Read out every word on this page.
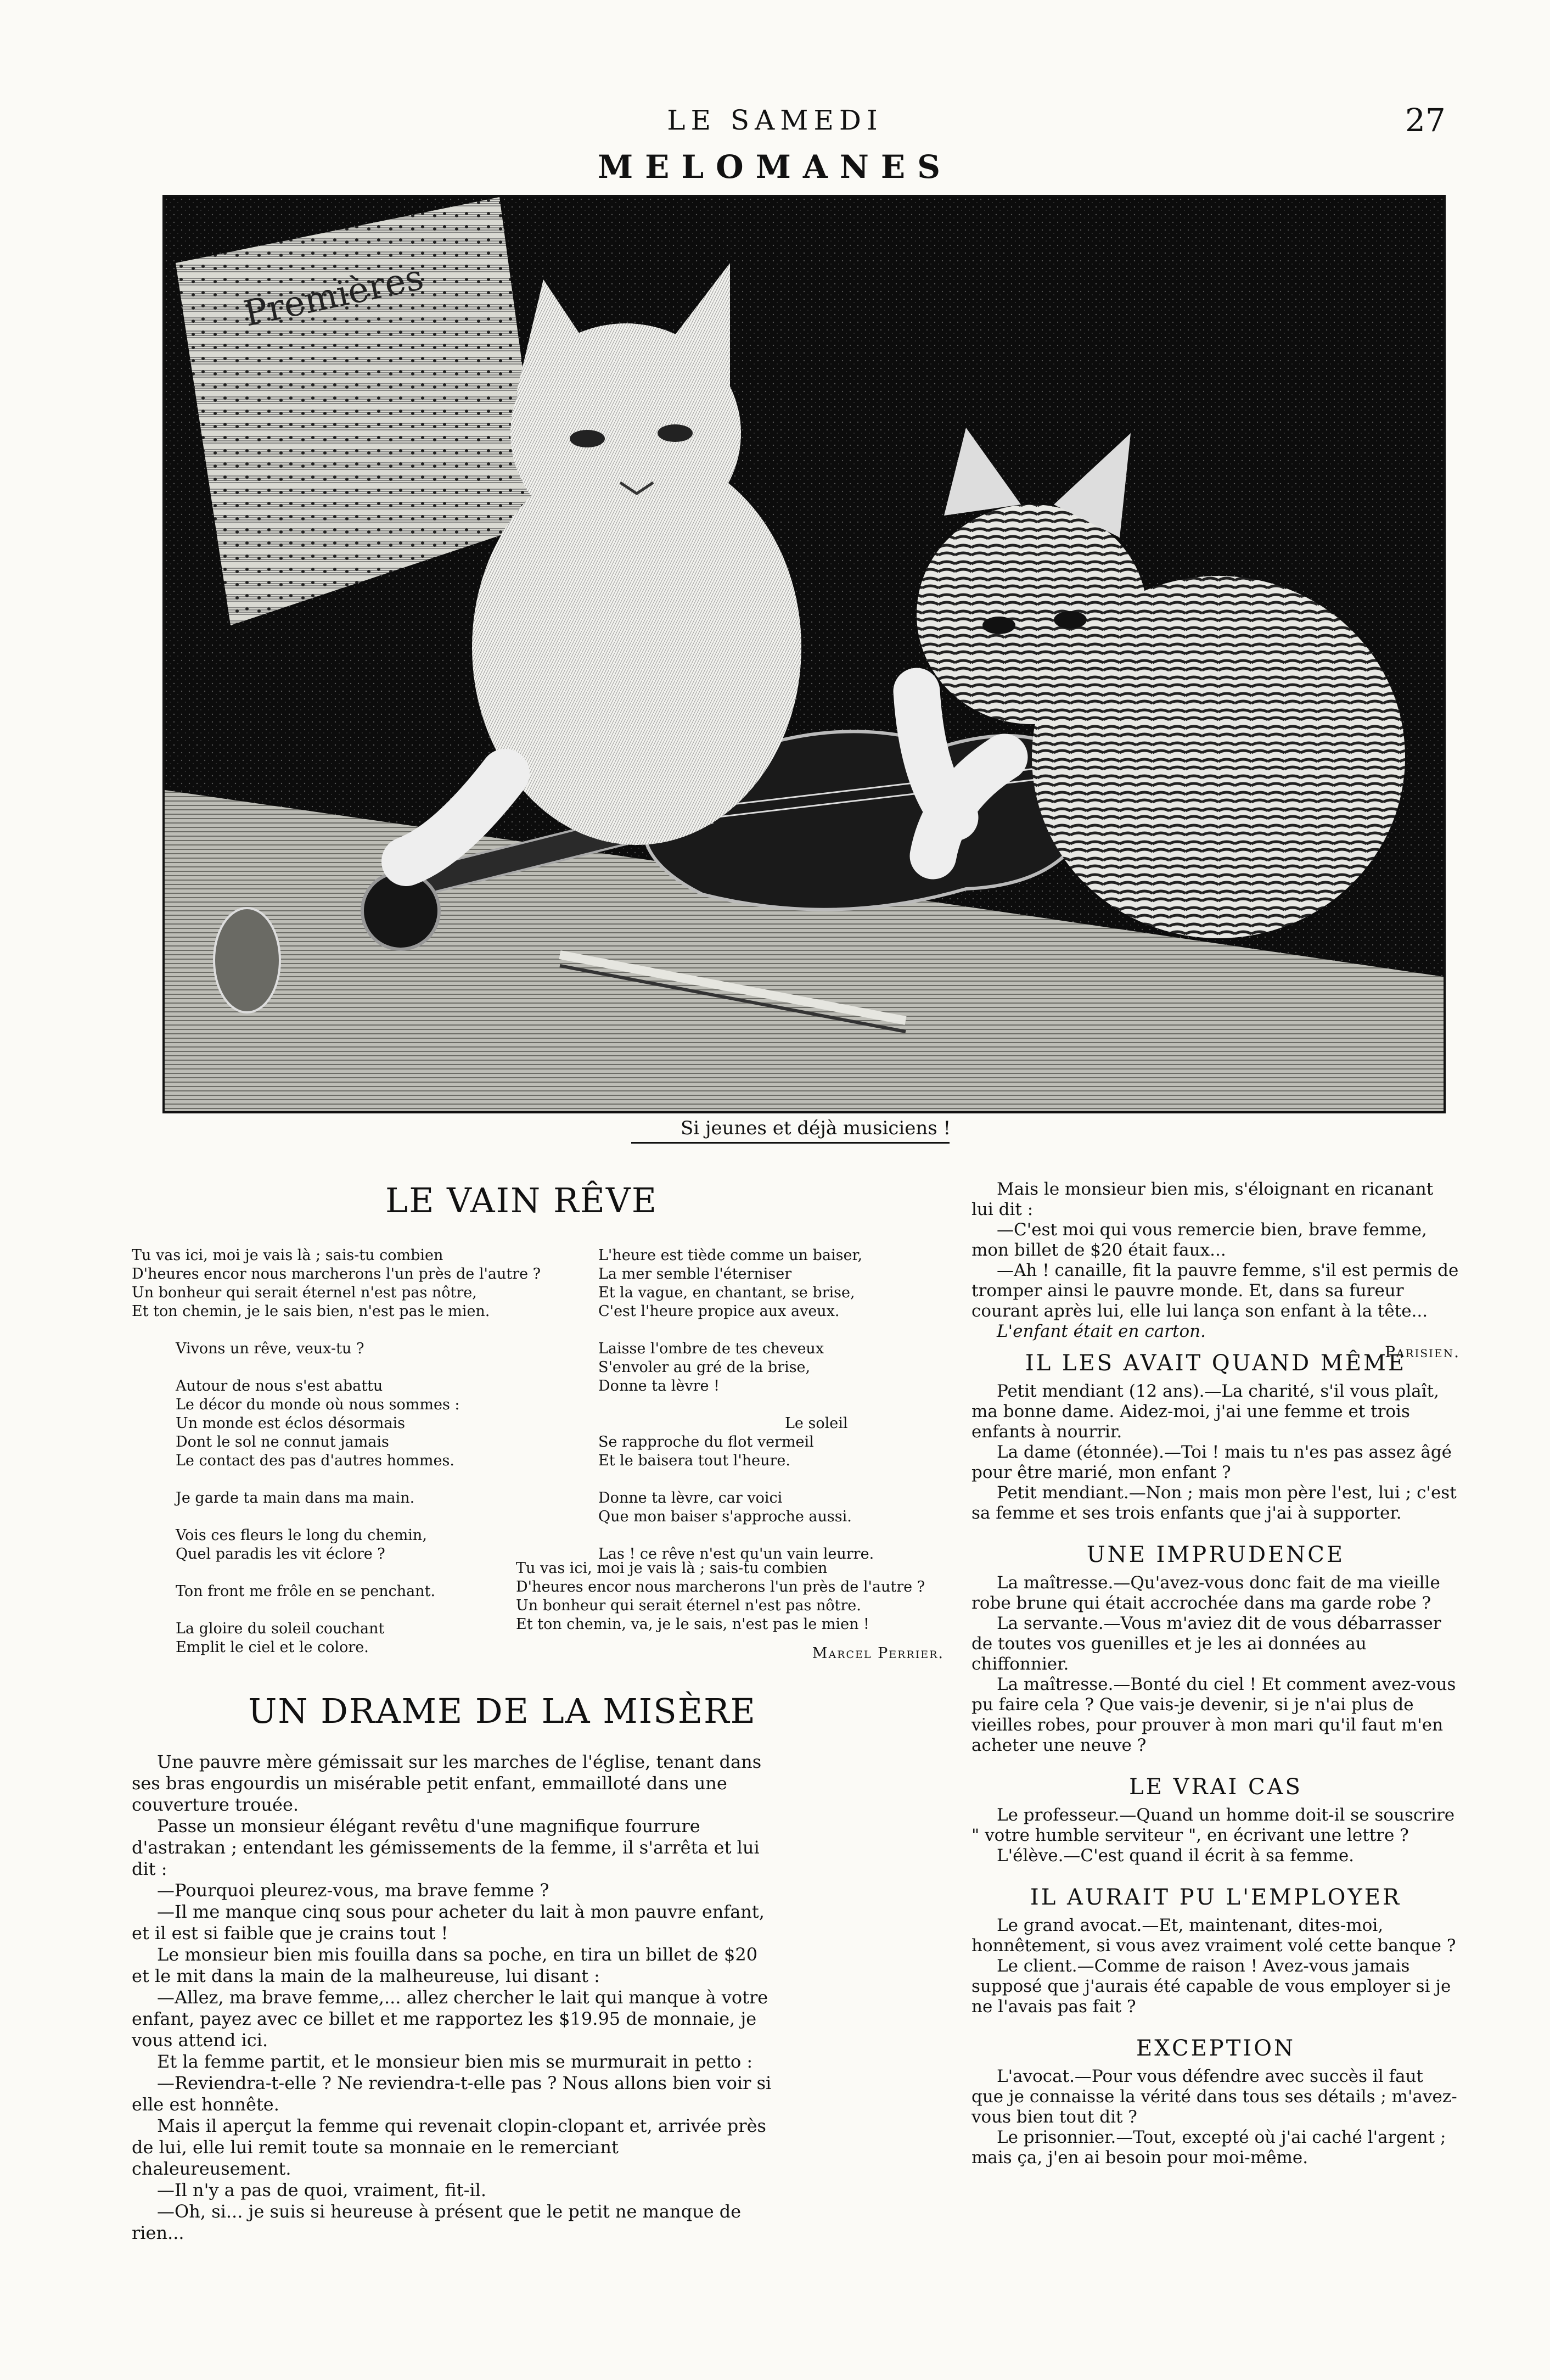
LE SAMEDI	27
MELOMANES
Premières
Si jeunes et déjà musiciens !
LE VAIN RÊVE
Tu vas ici, moi je vais là ; sais-tu combien
D'heures encor nous marcherons l'un près de l'autre ?
Un bonheur qui serait éternel n'est pas nôtre,
Et ton chemin, je le sais bien, n'est pas le mien.
Vivons un rêve, veux-tu ?
Autour de nous s'est abattu
Le décor du monde où nous sommes :
Un monde est éclos désormais
Dont le sol ne connut jamais
Le contact des pas d'autres hommes.
Je garde ta main dans ma main.
Vois ces fleurs le long du chemin,
Quel paradis les vit éclore ?
Ton front me frôle en se penchant.
La gloire du soleil couchant
Emplit le ciel et le colore.
L'heure est tiède comme un baiser,
La mer semble l'éterniser
Et la vague, en chantant, se brise,
C'est l'heure propice aux aveux.
Laisse l'ombre de tes cheveux
S'envoler au gré de la brise,
Donne ta lèvre !
Le soleil
Se rapproche du flot vermeil
Et le baisera tout l'heure.
Donne ta lèvre, car voici
Que mon baiser s'approche aussi.
Las ! ce rêve n'est qu'un vain leurre.
Tu vas ici, moi je vais là ; sais-tu combien
D'heures encor nous marcherons l'un près de l'autre ?
Un bonheur qui serait éternel n'est pas nôtre.
Et ton chemin, va, je le sais, n'est pas le mien !
Marcel Perrier.
UN DRAME DE LA MISÈRE

Une pauvre mère gémissait sur les marches de l'église, tenant dans ses bras engourdis un misérable petit enfant, emmailloté dans une couverture trouée.

Passe un monsieur élégant revêtu d'une magnifique fourrure d'astrakan ; entendant les gémissements de la femme, il s'arrêta et lui dit :

—Pourquoi pleurez-vous, ma brave femme ?

—Il me manque cinq sous pour acheter du lait à mon pauvre enfant, et il est si faible que je crains tout !

Le monsieur bien mis fouilla dans sa poche, en tira un billet de $20 et le mit dans la main de la malheureuse, lui disant :

—Allez, ma brave femme,... allez chercher le lait qui manque à votre enfant, payez avec ce billet et me rapportez les $19.95 de monnaie, je vous attend ici.

Et la femme partit, et le monsieur bien mis se murmurait in petto :

—Reviendra-t-elle ? Ne reviendra-t-elle pas ? Nous allons bien voir si elle est honnête.

Mais il aperçut la femme qui revenait clopin-clopant et, arrivée près de lui, elle lui remit toute sa monnaie en le remerciant chaleureusement.

—Il n'y a pas de quoi, vraiment, fit-il.

—Oh, si... je suis si heureuse à présent que le petit ne manque de rien...

Mais le monsieur bien mis, s'éloignant en ricanant lui dit :

—C'est moi qui vous remercie bien, brave femme, mon billet de $20 était faux...

—Ah ! canaille, fit la pauvre femme, s'il est permis de tromper ainsi le pauvre monde. Et, dans sa fureur courant après lui, elle lui lança son enfant à la tête...

L'enfant était en carton.

Parisien.
IL LES AVAIT QUAND MÊME

Petit mendiant (12 ans).—La charité, s'il vous plaît, ma bonne dame. Aidez-moi, j'ai une femme et trois enfants à nourrir.

La dame (étonnée).—Toi ! mais tu n'es pas assez âgé pour être marié, mon enfant ?

Petit mendiant.—Non ; mais mon père l'est, lui ; c'est sa femme et ses trois enfants que j'ai à supporter.

UNE IMPRUDENCE

La maîtresse.—Qu'avez-vous donc fait de ma vieille robe brune qui était accrochée dans ma garde robe ?

La servante.—Vous m'aviez dit de vous débarrasser de toutes vos guenilles et je les ai données au chiffonnier.

La maîtresse.—Bonté du ciel ! Et comment avez-vous pu faire cela ? Que vais-je devenir, si je n'ai plus de vieilles robes, pour prouver à mon mari qu'il faut m'en acheter une neuve ?

LE VRAI CAS

Le professeur.—Quand un homme doit-il se souscrire " votre humble serviteur ", en écrivant une lettre ?

L'élève.—C'est quand il écrit à sa femme.

IL AURAIT PU L'EMPLOYER

Le grand avocat.—Et, maintenant, dites-moi, honnêtement, si vous avez vraiment volé cette banque ?

Le client.—Comme de raison ! Avez-vous jamais supposé que j'aurais été capable de vous employer si je ne l'avais pas fait ?

EXCEPTION

L'avocat.—Pour vous défendre avec succès il faut que je connaisse la vérité dans tous ses détails ; m'avez-vous bien tout dit ?

Le prisonnier.—Tout, excepté où j'ai caché l'argent ; mais ça, j'en ai besoin pour moi-même.
